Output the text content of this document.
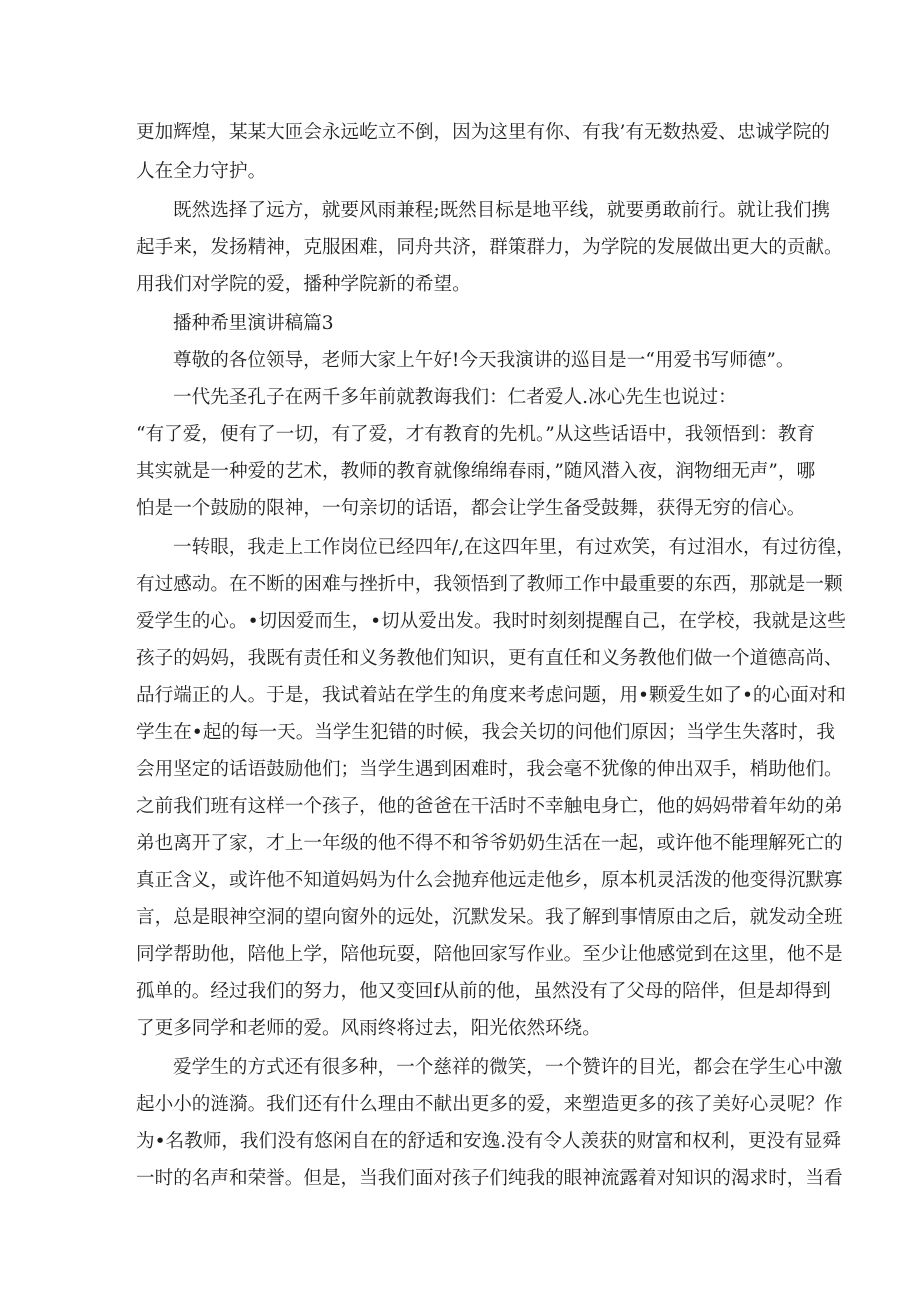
更加辉煌，某某大匝会永远屹立不倒，因为这里有你、有我’有无数热爱、忠诚学院的
人在全力守护。
既然选择了远方，就要风雨兼程;既然目标是地平线，就要勇敢前行。就让我们携
起手来，发扬精神，克服困难，同舟共济，群策群力，为学院的发展做出更大的贡献。
用我们对学院的爱，播种学院新的希望。
播种希里演讲稿篇3
尊敬的各位领导，老师大家上午好!今天我演讲的巡目是一“用爱书写师德”。
一代先圣孔子在两千多年前就教诲我们：仁者爱人.冰心先生也说过：
“有了爱，便有了一切，有了爱，才有教育的先机。”从这些话语中，我领悟到：教育
其实就是一种爱的艺术，教师的教育就像绵绵春雨，”随风潜入夜，润物细无声”，哪
怕是一个鼓励的限神，一句亲切的话语，都会让学生备受鼓舞，获得无穷的信心。
一转眼，我走上工作岗位已经四年/,在这四年里，有过欢笑，有过泪水，有过彷徨，
有过感动。在不断的困难与挫折中，我领悟到了教师工作中最重要的东西，那就是一颗
爱学生的心。•切因爱而生，•切从爱出发。我时时刻刻提醒自己，在学校，我就是这些
孩子的妈妈，我既有责任和义务教他们知识，更有直任和义务教他们做一个道德高尚、
品行端正的人。于是，我试着站在学生的角度来考虑问题，用•颗爱生如了•的心面对和
学生在•起的每一天。当学生犯错的时候，我会关切的问他们原因；当学生失落时，我
会用坚定的话语鼓励他们；当学生遇到困难时，我会毫不犹像的伸出双手，梢助他们。
之前我们班有这样一个孩子，他的爸爸在干活时不幸触电身亡，他的妈妈带着年幼的弟
弟也离开了家，才上一年级的他不得不和爷爷奶奶生活在一起，或许他不能理解死亡的
真正含义，或许他不知道妈妈为什么会抛弃他远走他乡，原本机灵活泼的他变得沉默寡
言，总是眼神空洞的望向窗外的远处，沉默发呆。我了解到事情原由之后，就发动全班
同学帮助他，陪他上学，陪他玩耍，陪他回家写作业。至少让他感觉到在这里，他不是
孤单的。经过我们的努力，他又变回f从前的他，虽然没有了父母的陪伴，但是却得到
了更多同学和老师的爱。风雨终将过去，阳光依然环绕。
爱学生的方式还有很多种，一个慈祥的微笑，一个赞许的目光，都会在学生心中激
起小小的涟漪。我们还有什么理由不献出更多的爱，来塑造更多的孩了美好心灵呢？作
为•名教师，我们没有悠闲自在的舒适和安逸.没有令人羡获的财富和权利，更没有显舜
一时的名声和荣誉。但是，当我们面对孩子们纯我的眼神流露着对知识的渴求时，当看
